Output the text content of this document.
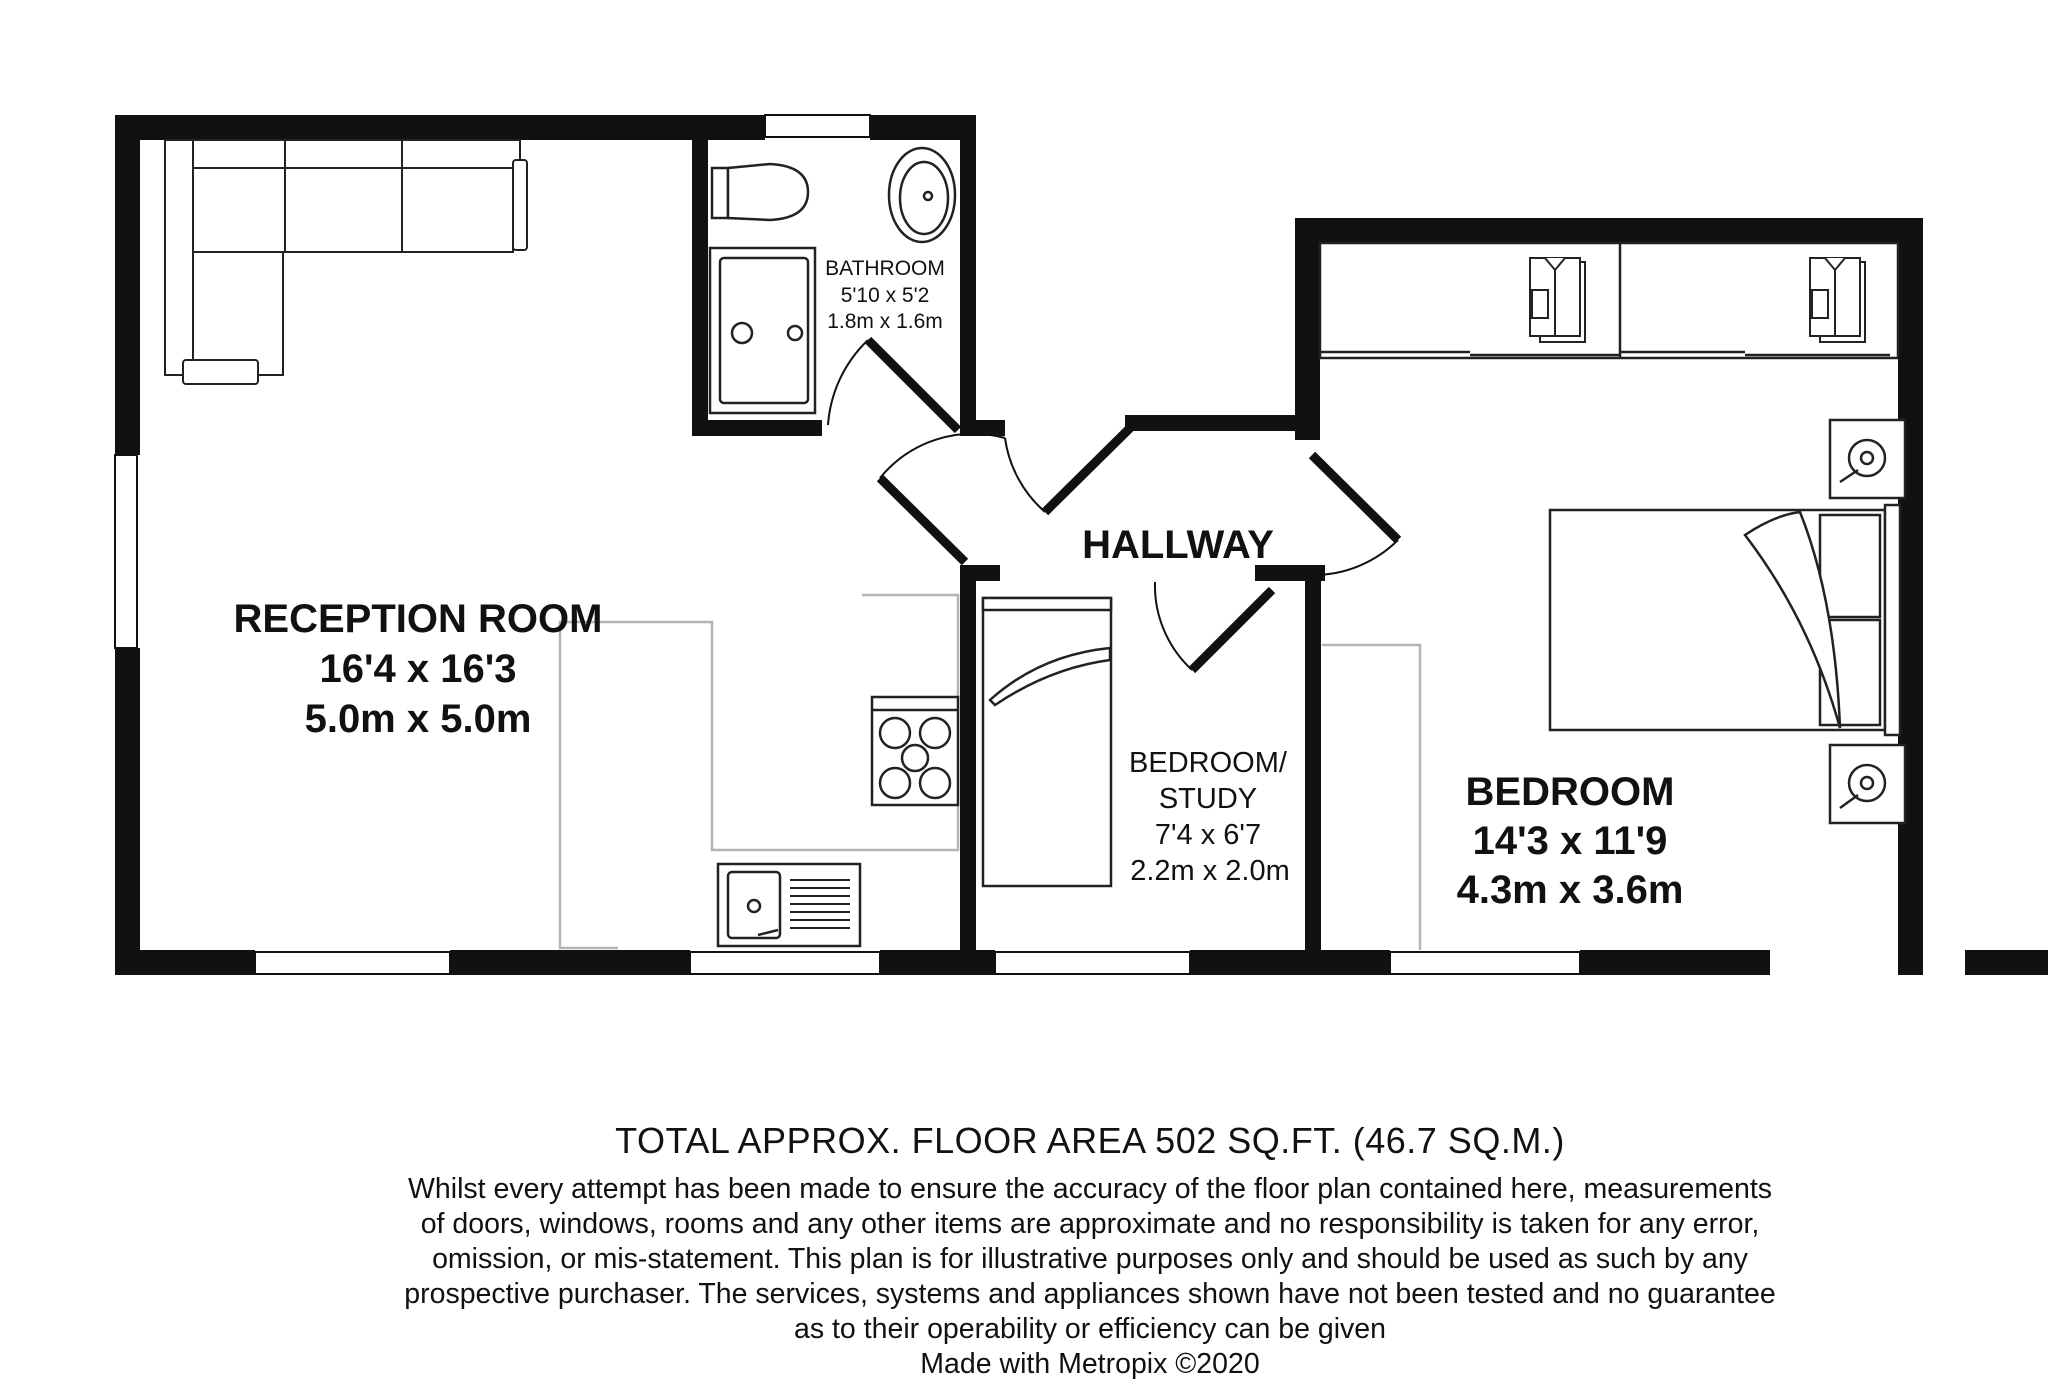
RECEPTION ROOM
16'4 x 16'3
5.0m x 5.0m
BATHROOM
5'10 x 5'2
1.8m x 1.6m
HALLWAY
BEDROOM/
STUDY
7'4 x 6'7
2.2m x 2.0m
BEDROOM
14'3 x 11'9
4.3m x 3.6m
TOTAL APPROX. FLOOR AREA 502 SQ.FT. (46.7 SQ.M.)
Whilst every attempt has been made to ensure the accuracy of the floor plan contained here, measurements
of doors, windows, rooms and any other items are approximate and no responsibility is taken for any error,
omission, or mis-statement. This plan is for illustrative purposes only and should be used as such by any
prospective purchaser. The services, systems and appliances shown have not been tested and no guarantee
as to their operability or efficiency can be given
Made with Metropix ©2020
